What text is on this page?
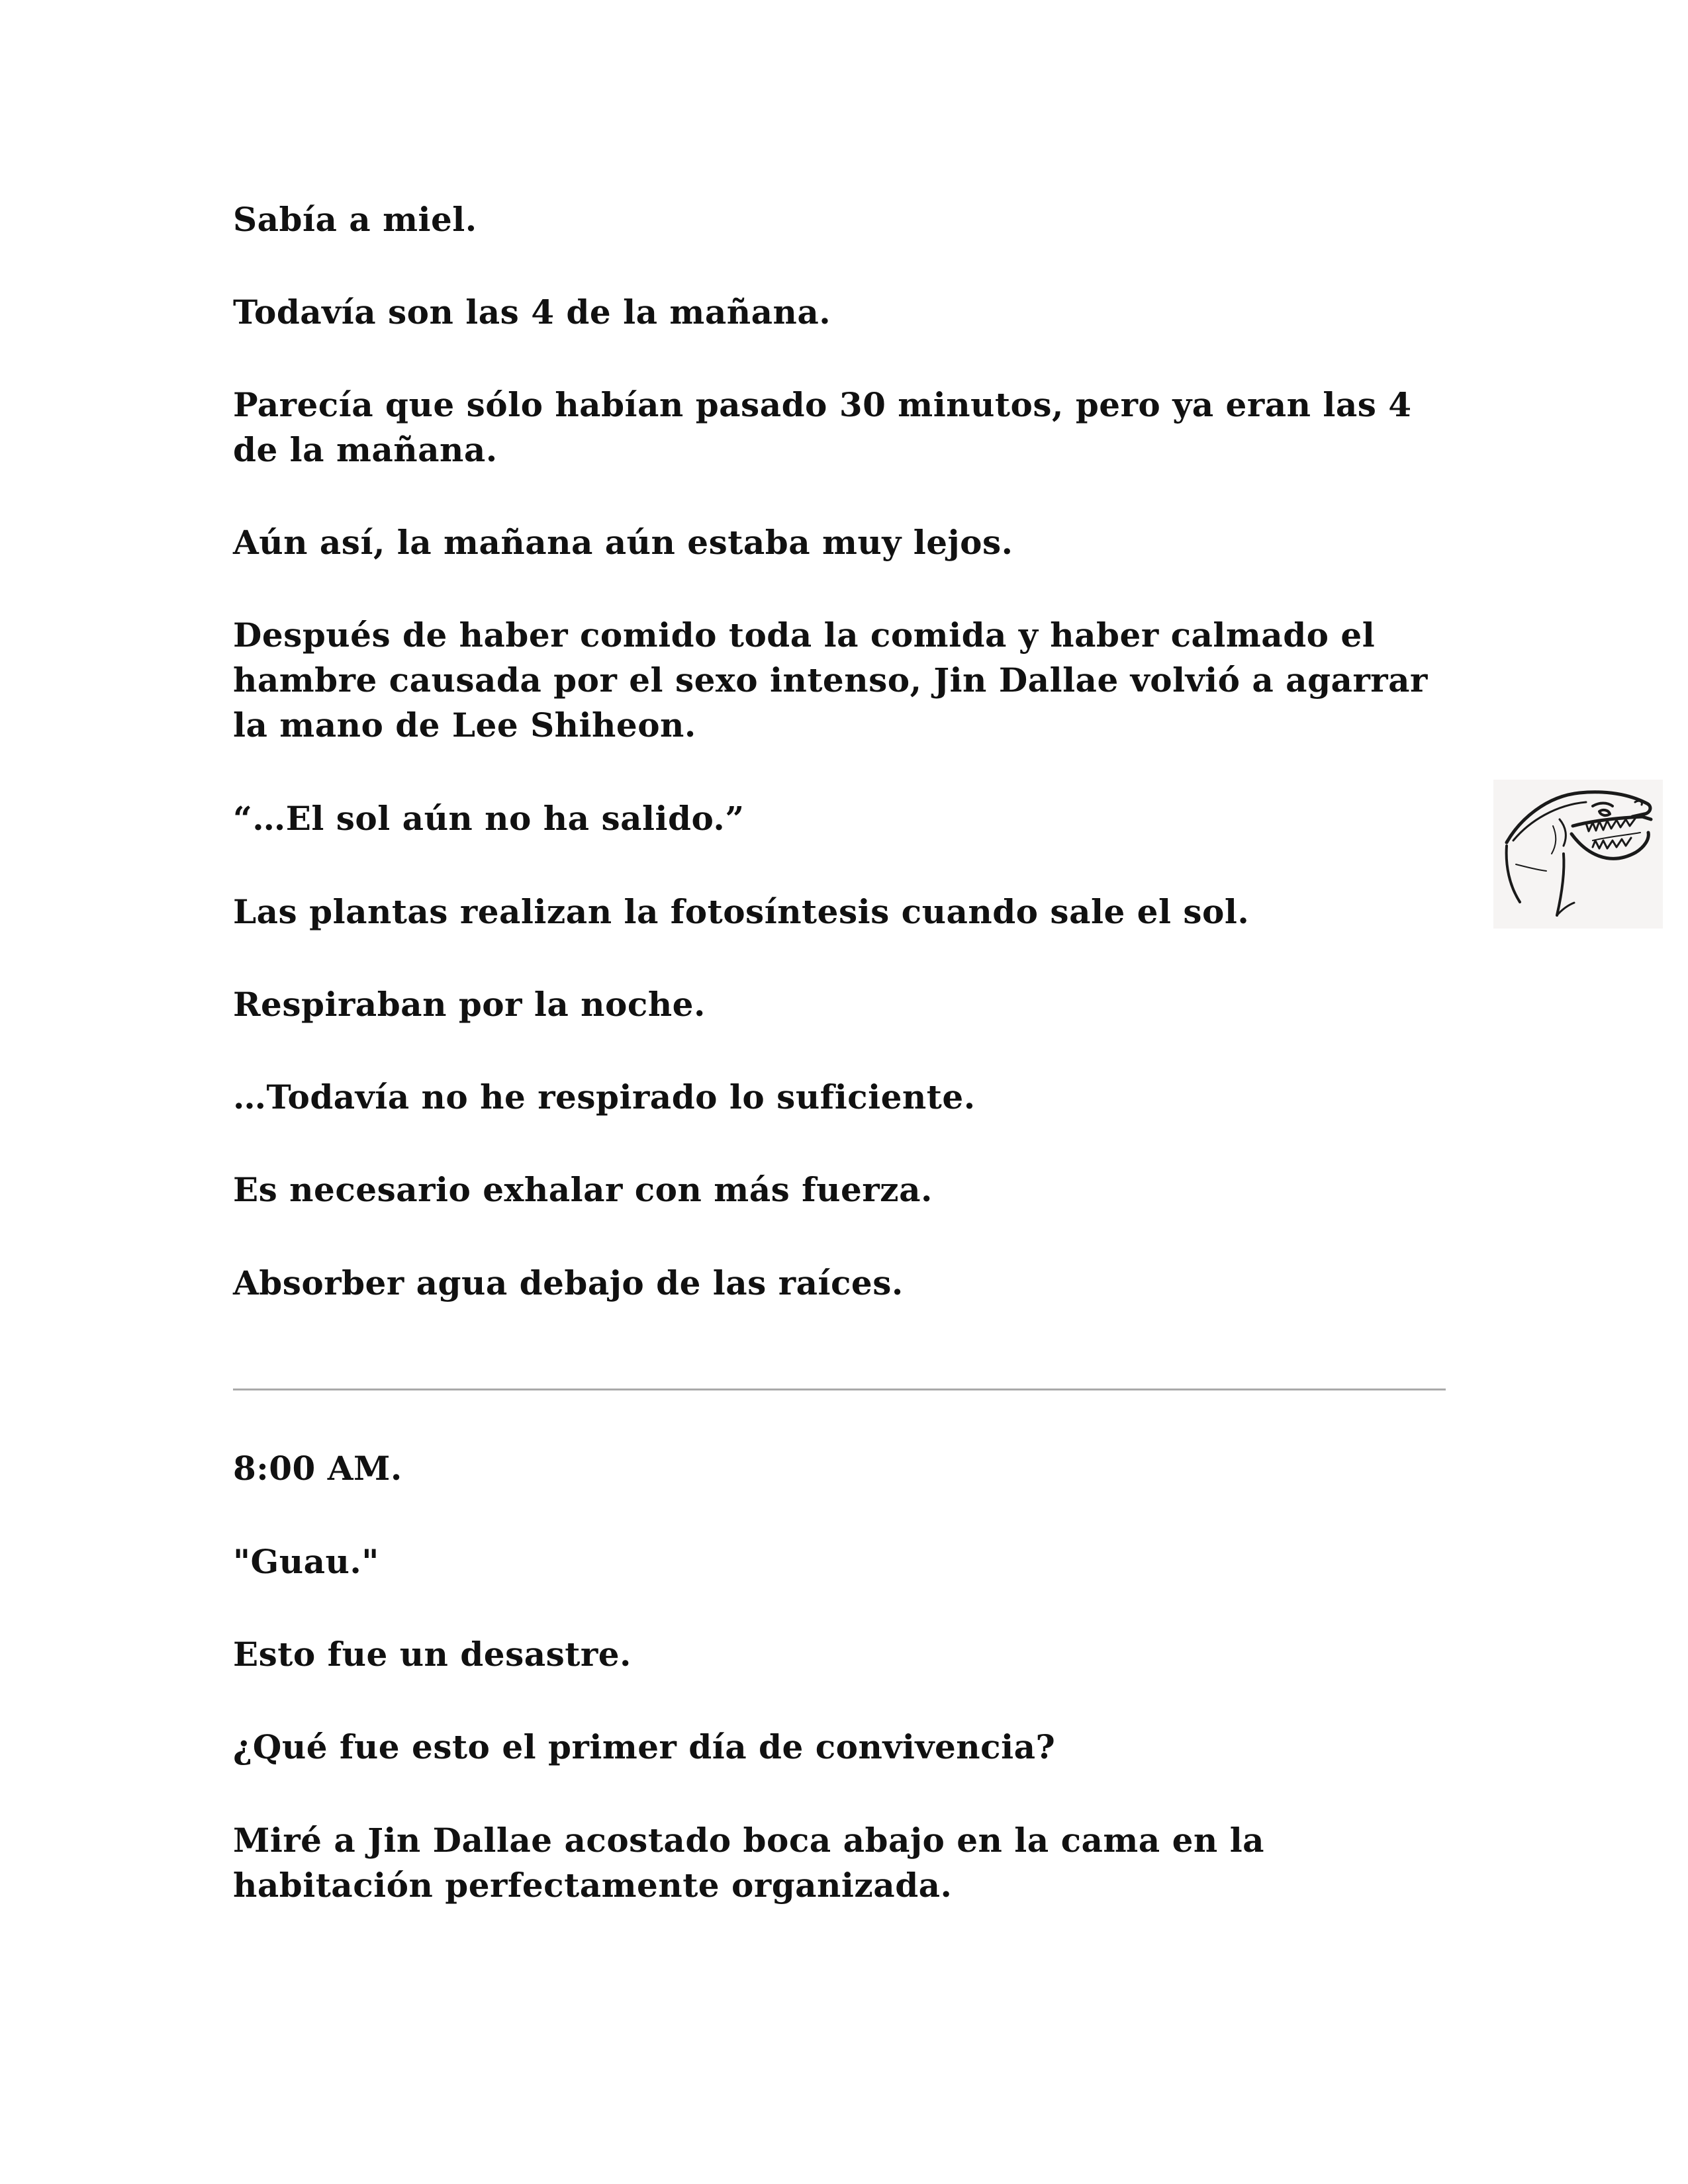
Sabía a miel.

Todavía son las 4 de la mañana.

Parecía que sólo habían pasado 30 minutos, pero ya eran las 4 de la mañana.

Aún así, la mañana aún estaba muy lejos.

Después de haber comido toda la comida y haber calmado el hambre causada por el sexo intenso, Jin Dallae volvió a agarrar la mano de Lee Shiheon.

“…El sol aún no ha salido.”

Las plantas realizan la fotosíntesis cuando sale el sol.

Respiraban por la noche.

…Todavía no he respirado lo suficiente.

Es necesario exhalar con más fuerza.

Absorber agua debajo de las raíces.

8:00 AM.

"Guau."

Esto fue un desastre.

¿Qué fue esto el primer día de convivencia?

Miré a Jin Dallae acostado boca abajo en la cama en la habitación perfectamente organizada.
